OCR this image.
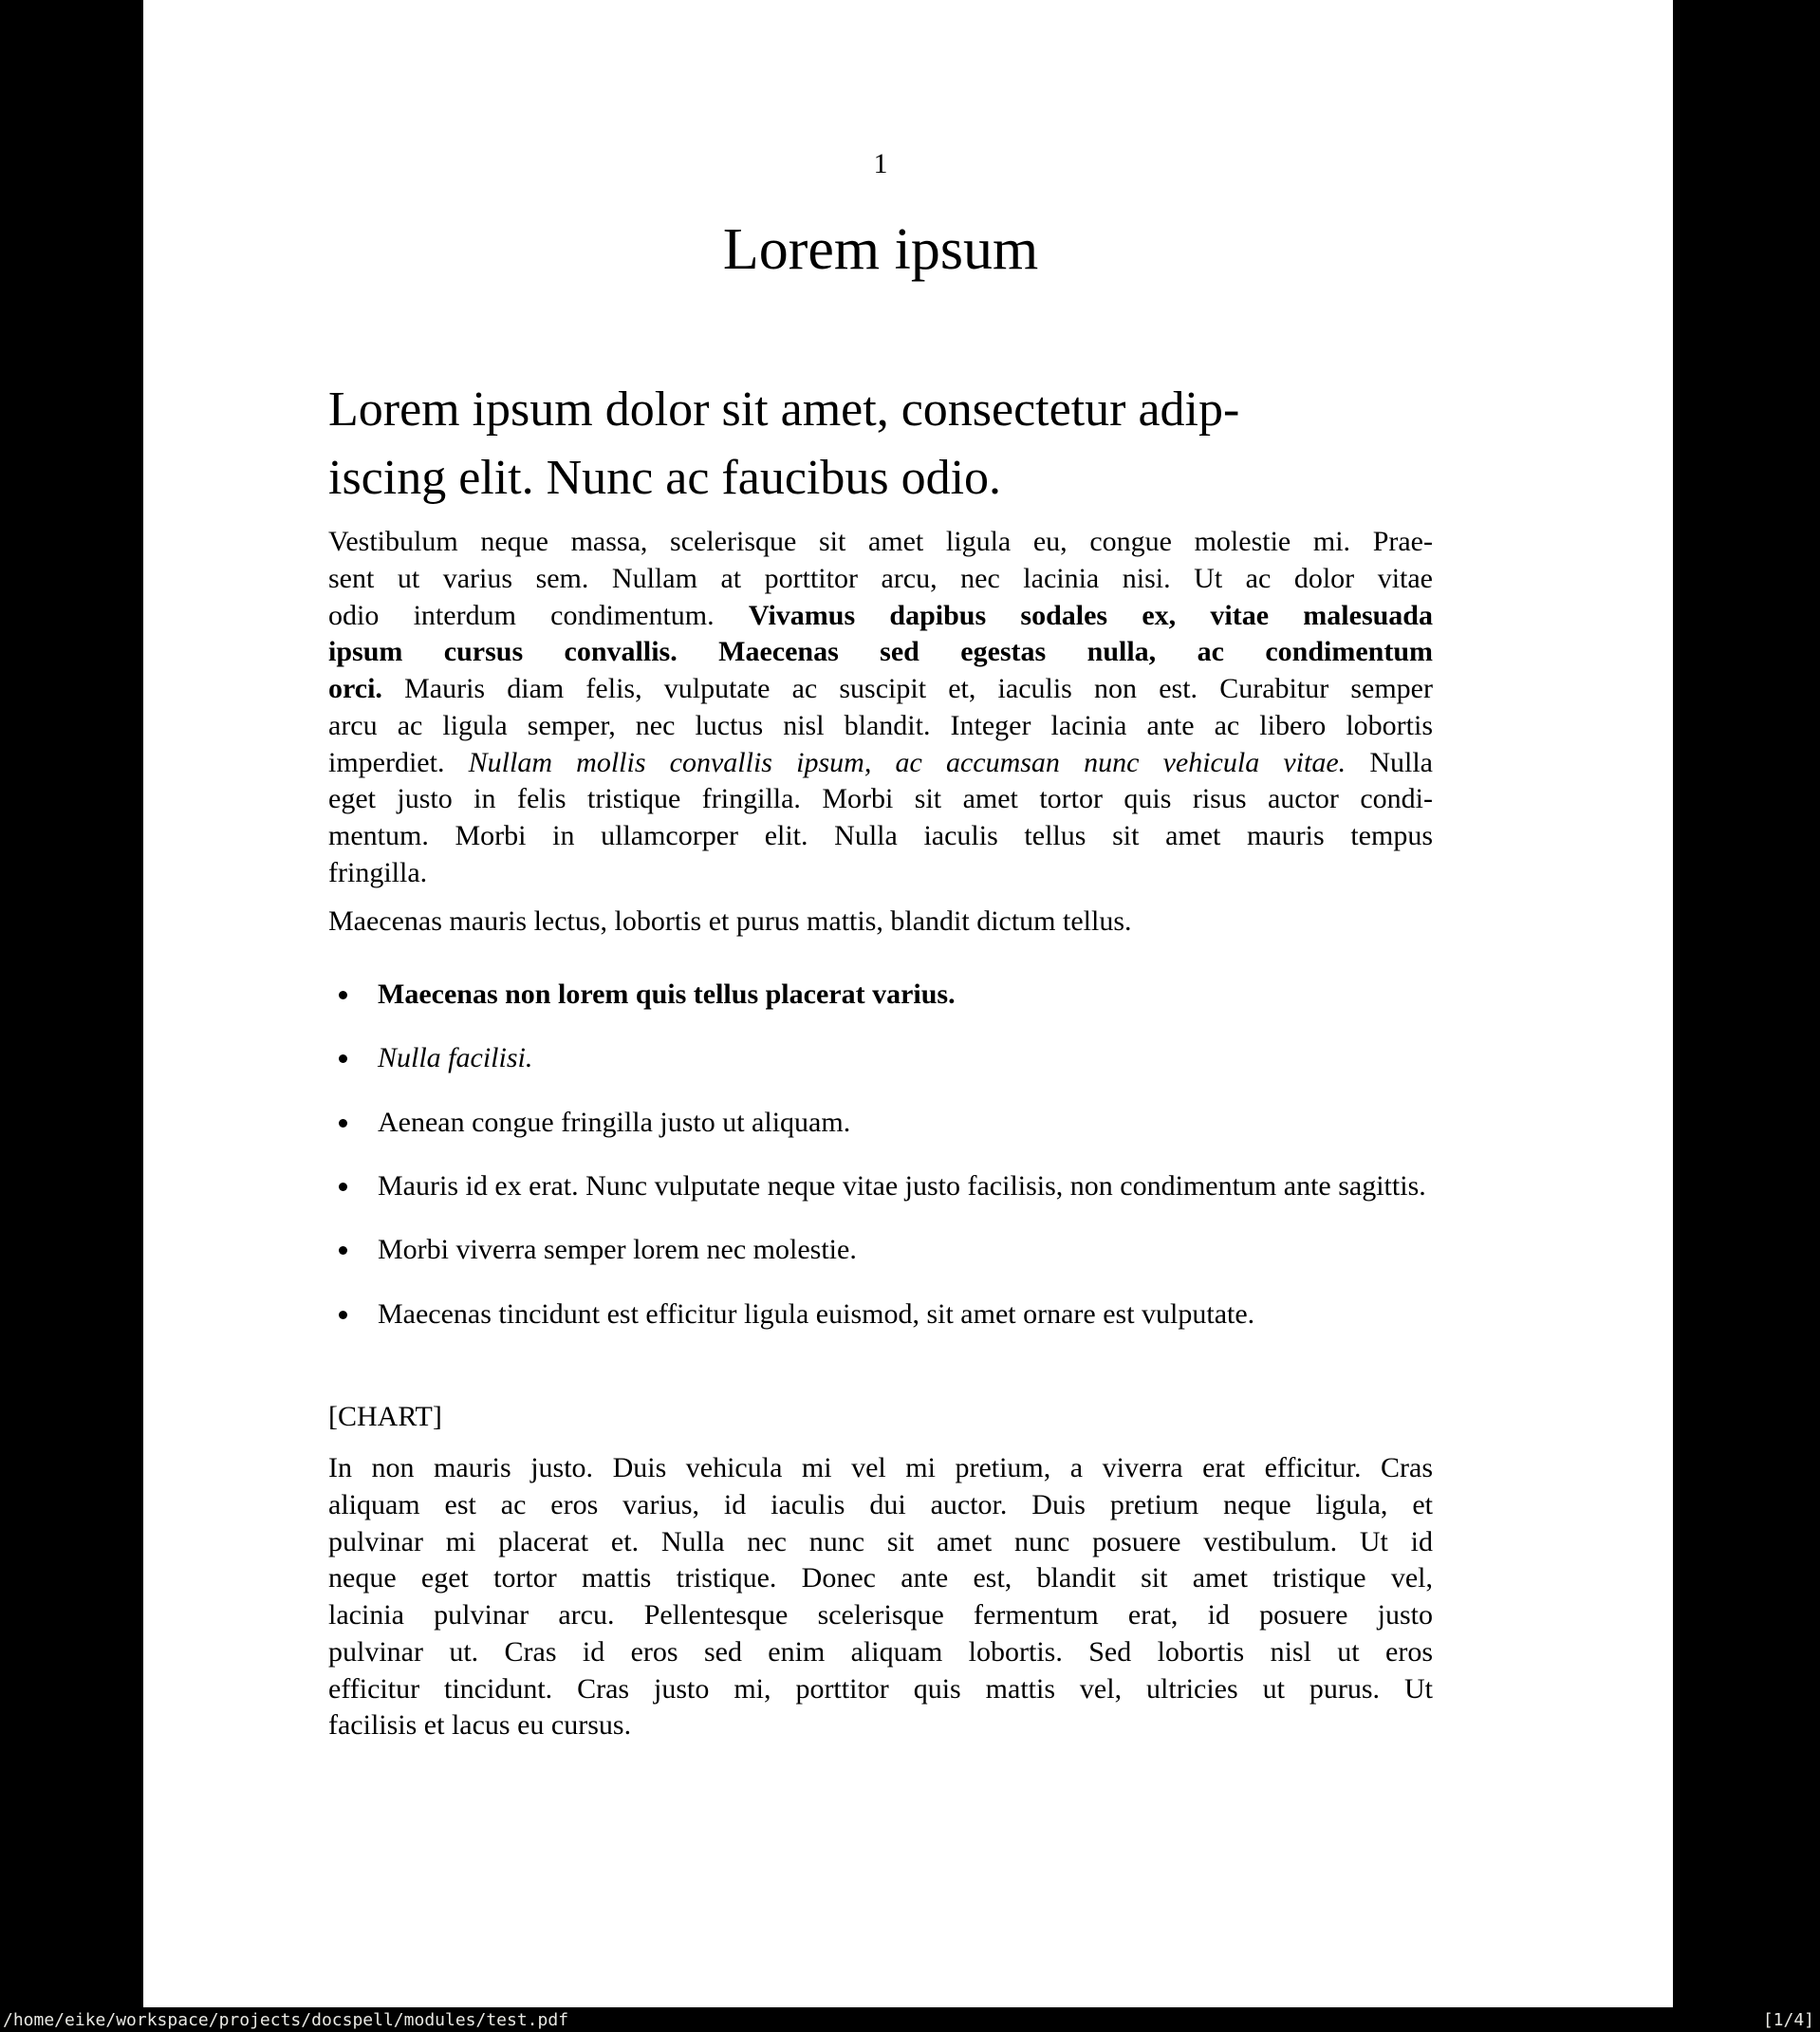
1
Lorem ipsum
Lorem ipsum dolor sit amet, consectetur adip-
iscing elit. Nunc ac faucibus odio.
Vestibulum neque massa, scelerisque sit amet ligula eu, congue molestie mi. Prae-
sent ut varius sem. Nullam at porttitor arcu, nec lacinia nisi. Ut ac dolor vitae
odio interdum condimentum. Vivamus dapibus sodales ex, vitae malesuada
ipsum cursus convallis. Maecenas sed egestas nulla, ac condimentum
orci. Mauris diam felis, vulputate ac suscipit et, iaculis non est. Curabitur semper
arcu ac ligula semper, nec luctus nisl blandit. Integer lacinia ante ac libero lobortis
imperdiet. Nullam mollis convallis ipsum, ac accumsan nunc vehicula vitae. Nulla
eget justo in felis tristique fringilla. Morbi sit amet tortor quis risus auctor condi-
mentum. Morbi in ullamcorper elit. Nulla iaculis tellus sit amet mauris tempus
fringilla.
Maecenas mauris lectus, lobortis et purus mattis, blandit dictum tellus.
Maecenas non lorem quis tellus placerat varius.
Nulla facilisi.
Aenean congue fringilla justo ut aliquam.
Mauris id ex erat. Nunc vulputate neque vitae justo facilisis, non condimentum ante sagittis.
Morbi viverra semper lorem nec molestie.
Maecenas tincidunt est efficitur ligula euismod, sit amet ornare est vulputate.
[CHART]
In non mauris justo. Duis vehicula mi vel mi pretium, a viverra erat efficitur. Cras
aliquam est ac eros varius, id iaculis dui auctor. Duis pretium neque ligula, et
pulvinar mi placerat et. Nulla nec nunc sit amet nunc posuere vestibulum. Ut id
neque eget tortor mattis tristique. Donec ante est, blandit sit amet tristique vel,
lacinia pulvinar arcu. Pellentesque scelerisque fermentum erat, id posuere justo
pulvinar ut. Cras id eros sed enim aliquam lobortis. Sed lobortis nisl ut eros
efficitur tincidunt. Cras justo mi, porttitor quis mattis vel, ultricies ut purus. Ut
facilisis et lacus eu cursus.
/home/eike/workspace/projects/docspell/modules/test.pdf	[1/4]
